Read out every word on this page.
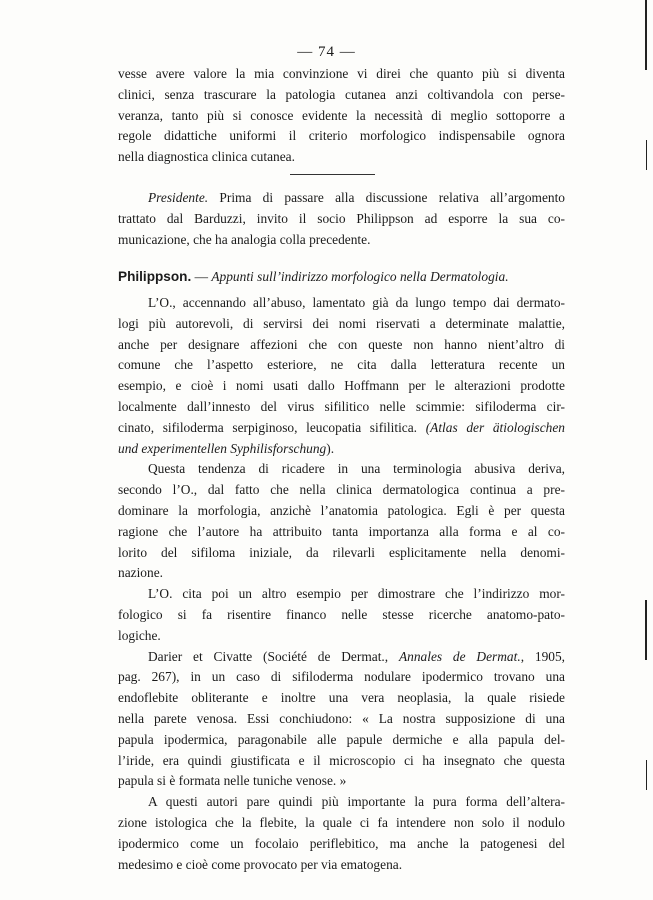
— 74 —
vesse avere valore la mia convinzione vi direi che quanto più si diventa
clinici, senza trascurare la patologia cutanea anzi coltivandola con perse-
veranza, tanto più si conosce evidente la necessità di meglio sottoporre a
regole didattiche uniformi il criterio morfologico indispensabile ognora
nella diagnostica clinica cutanea.
Presidente. Prima di passare alla discussione relativa all’argomento
trattato dal Barduzzi, invito il socio Philippson ad esporre la sua co-
municazione, che ha analogia colla precedente.
Philippson. — Appunti sull’indirizzo morfologico nella Dermatologia.
L’O., accennando all’abuso, lamentato già da lungo tempo dai dermato-
logi più autorevoli, di servirsi dei nomi riservati a determinate malattie,
anche per designare affezioni che con queste non hanno nient’altro di
comune che l’aspetto esteriore, ne cita dalla letteratura recente un
esempio, e cioè i nomi usati dallo Hoffmann per le alterazioni prodotte
localmente dall’innesto del virus sifilitico nelle scimmie: sifiloderma cir-
cinato, sifiloderma serpiginoso, leucopatia sifilitica. (Atlas der ätiologischen
und experimentellen Syphilisforschung).
Questa tendenza di ricadere in una terminologia abusiva deriva,
secondo l’O., dal fatto che nella clinica dermatologica continua a pre-
dominare la morfologia, anzichè l’anatomia patologica. Egli è per questa
ragione che l’autore ha attribuito tanta importanza alla forma e al co-
lorito del sifiloma iniziale, da rilevarli esplicitamente nella denomi-
nazione.
L’O. cita poi un altro esempio per dimostrare che l’indirizzo mor-
fologico si fa risentire financo nelle stesse ricerche anatomo-pato-
logiche.
Darier et Civatte (Société de Dermat., Annales de Dermat., 1905,
pag. 267), in un caso di sifiloderma nodulare ipodermico trovano una
endoflebite obliterante e inoltre una vera neoplasia, la quale risiede
nella parete venosa. Essi conchiudono: « La nostra supposizione di una
papula ipodermica, paragonabile alle papule dermiche e alla papula del-
l’iride, era quindi giustificata e il microscopio ci ha insegnato che questa
papula si è formata nelle tuniche venose. »
A questi autori pare quindi più importante la pura forma dell’altera-
zione istologica che la flebite, la quale ci fa intendere non solo il nodulo
ipodermico come un focolaio periflebitico, ma anche la patogenesi del
medesimo e cioè come provocato per via ematogena.
